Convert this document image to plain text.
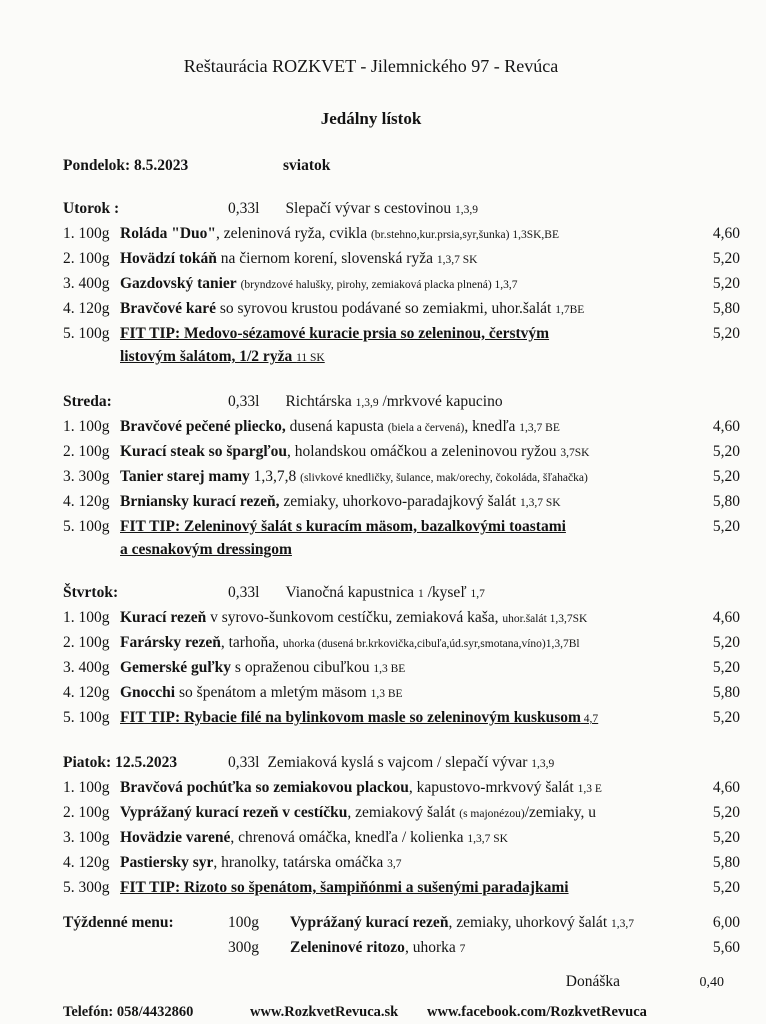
Reštaurácia ROZKVET - Jilemnického 97 - Revúca
Jedálny lístok
Pondelok: 8.5.2023	sviatok
Utorok :	0,33l Slepačí vývar s cestovinou 1,3,9
1. 100g Roláda "Duo", zeleninová ryža, cvikla (br.stehno,kur.prsia,syr,šunka) 1,3SK,BE	4,60
2. 100g Hovädzí tokáň na čiernom korení, slovenská ryža 1,3,7 SK	5,20
3. 400g Gazdovský tanier (bryndzové halušky, pirohy, zemiaková placka plnená) 1,3,7	5,20
4. 120g Bravčové karé so syrovou krustou podávané so zemiakmi, uhor.šalát 1,7BE	5,80
5. 100g FIT TIP: Medovo-sézamové kuracie prsia so zeleninou, čerstvým	5,20
listovým šalátom, 1/2 ryža 11 SK
Streda:	0,33l Richtárska 1,3,9 /mrkvové kapucino
1. 100g Bravčové pečené pliecko, dusená kapusta (biela a červená), knedľa 1,3,7 BE	4,60
2. 100g Kurací steak so špargľou, holandskou omáčkou a zeleninovou ryžou 3,7SK	5,20
3. 300g Tanier starej mamy 1,3,7,8 (slivkové knedličky, šulance, mak/orechy, čokoláda, šľahačka)	5,20
4. 120g Brniansky kurací rezeň, zemiaky, uhorkovo-paradajkový šalát 1,3,7 SK	5,80
5. 100g FIT TIP: Zeleninový šalát s kuracím mäsom, bazalkovými toastami	5,20
a cesnakovým dressingom
Štvrtok:	0,33l Vianočná kapustnica 1 /kyseľ 1,7
1. 100g Kurací rezeň v syrovo-šunkovom cestíčku, zemiaková kaša, uhor.šalát 1,3,7SK	4,60
2. 100g Farársky rezeň, tarhoňa, uhorka (dusená br.krkovička,cibuľa,úd.syr,smotana,víno)1,3,7Bl	5,20
3. 400g Gemerské guľky s opraženou cibuľkou 1,3 BE	5,20
4. 120g Gnocchi so špenátom a mletým mäsom 1,3 BE	5,80
5. 100g FIT TIP: Rybacie filé na bylinkovom masle so zeleninovým kuskusom 4,7	5,20
Piatok: 12.5.2023	0,33l Zemiaková kyslá s vajcom / slepačí vývar 1,3,9
1. 100g Bravčová pochúťka so zemiakovou plackou, kapustovo-mrkvový šalát 1,3 E	4,60
2. 100g Vyprážaný kurací rezeň v cestíčku, zemiakový šalát (s majonézou)/zemiaky, u	5,20
3. 100g Hovädzie varené, chrenová omáčka, knedľa / kolienka 1,3,7 SK	5,20
4. 120g Pastiersky syr, hranolky, tatárska omáčka 3,7	5,80
5. 300g FIT TIP: Rizoto so špenátom, šampiňónmi a sušenými paradajkami	5,20
Týždenné menu:	100g	Vyprážaný kurací rezeň, zemiaky, uhorkový šalát 1,3,7	6,00
300g	Zeleninové ritozo, uhorka 7	5,60
Donáška	0,40
Telefón: 058/4432860	www.RozkvetRevuca.sk	www.facebook.com/RozkvetRevuca
